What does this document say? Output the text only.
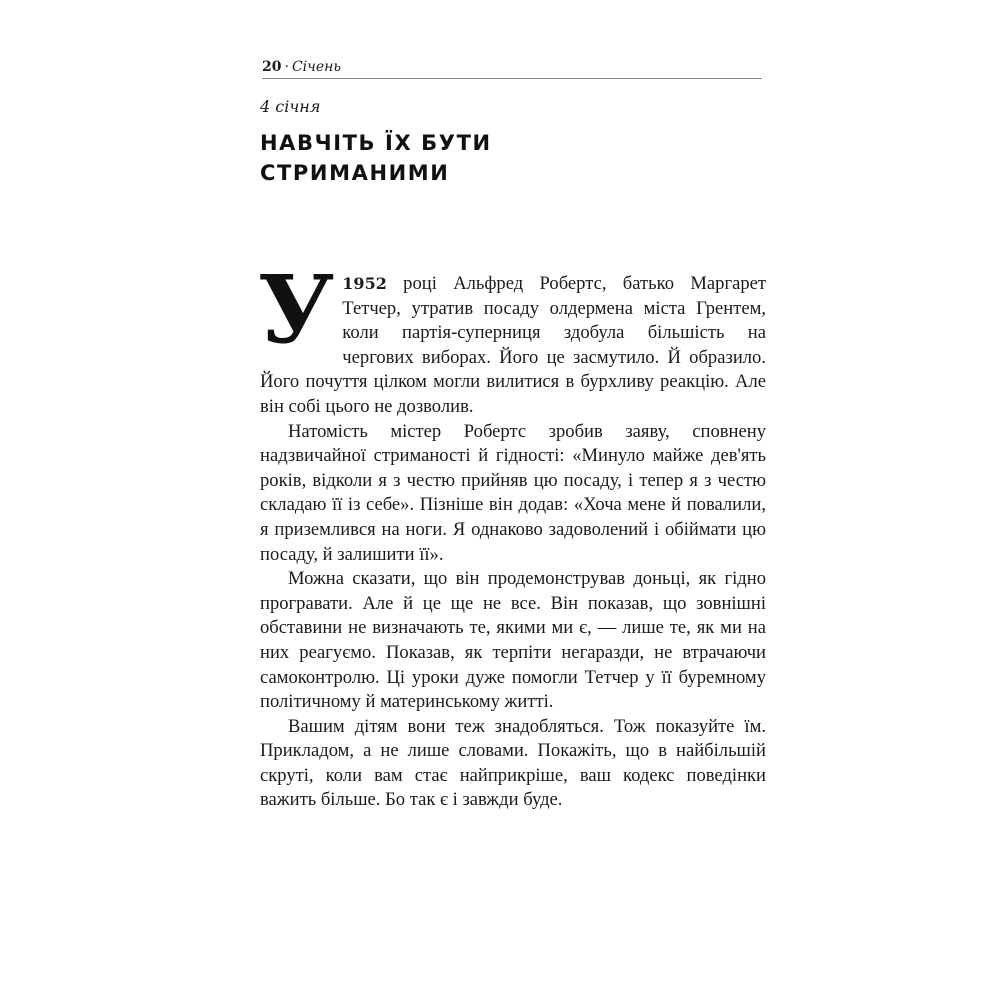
20 · Січень
4 січня
НАВЧІТЬ ЇХ БУТИ
СТРИМАНИМИ

У 1952 році Альфред Робертс, батько Маргарет Тетчер, утратив посаду олдермена міста Грентем, коли партія-суперниця здобула більшість на чергових виборах. Його це засмутило. Й образило. Його почуття цілком могли вилитися в бурхливу реакцію. Але він собі цього не дозволив.

Натомість містер Робертс зробив заяву, сповнену надзвичайної стриманості й гідності: «Минуло майже дев'ять років, відколи я з честю прийняв цю посаду, і тепер я з честю складаю її із себе». Пізніше він додав: «Хоча мене й повалили, я приземлився на ноги. Я однаково задоволений і обіймати цю посаду, й залишити її».

Можна сказати, що він продемонстрував доньці, як гідно програвати. Але й це ще не все. Він показав, що зовнішні обставини не визначають те, якими ми є, — лише те, як ми на них реагуємо. Показав, як терпіти негаразди, не втрачаючи самоконтролю. Ці уроки дуже помогли Тетчер у її буремному політичному й материнському житті.

Вашим дітям вони теж знадобляться. Тож показуйте їм. Прикладом, а не лише словами. Покажіть, що в найбільшій скруті, коли вам стає найприкріше, ваш кодекс поведінки важить більше. Бо так є і завжди буде.
